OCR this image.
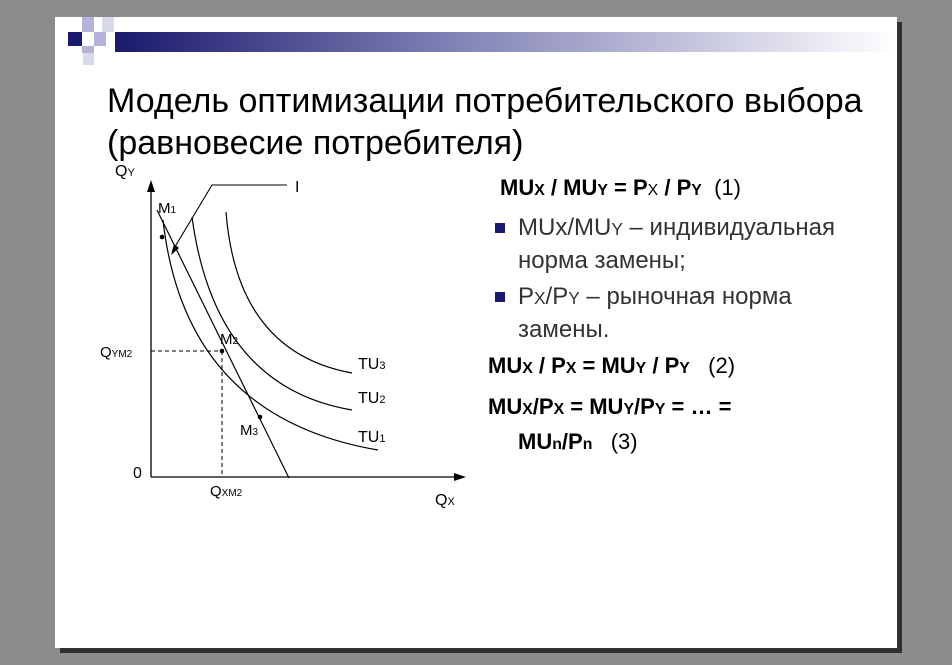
Модель оптимизации потребительского выбора (равновесие потребителя)
QY
QX
0
I
M1
M2
M3
TU3
TU2
TU1
QYM2
QXM2
MUX / MUY = PX / PY (1)
MUx/MUY – индивидуальная норма замены;
PX/PY – рыночная норма замены.
MUX / PX = MUY / PY (2)
MUX/PX = MUY/PY = … =
MUn/Pn (3)
